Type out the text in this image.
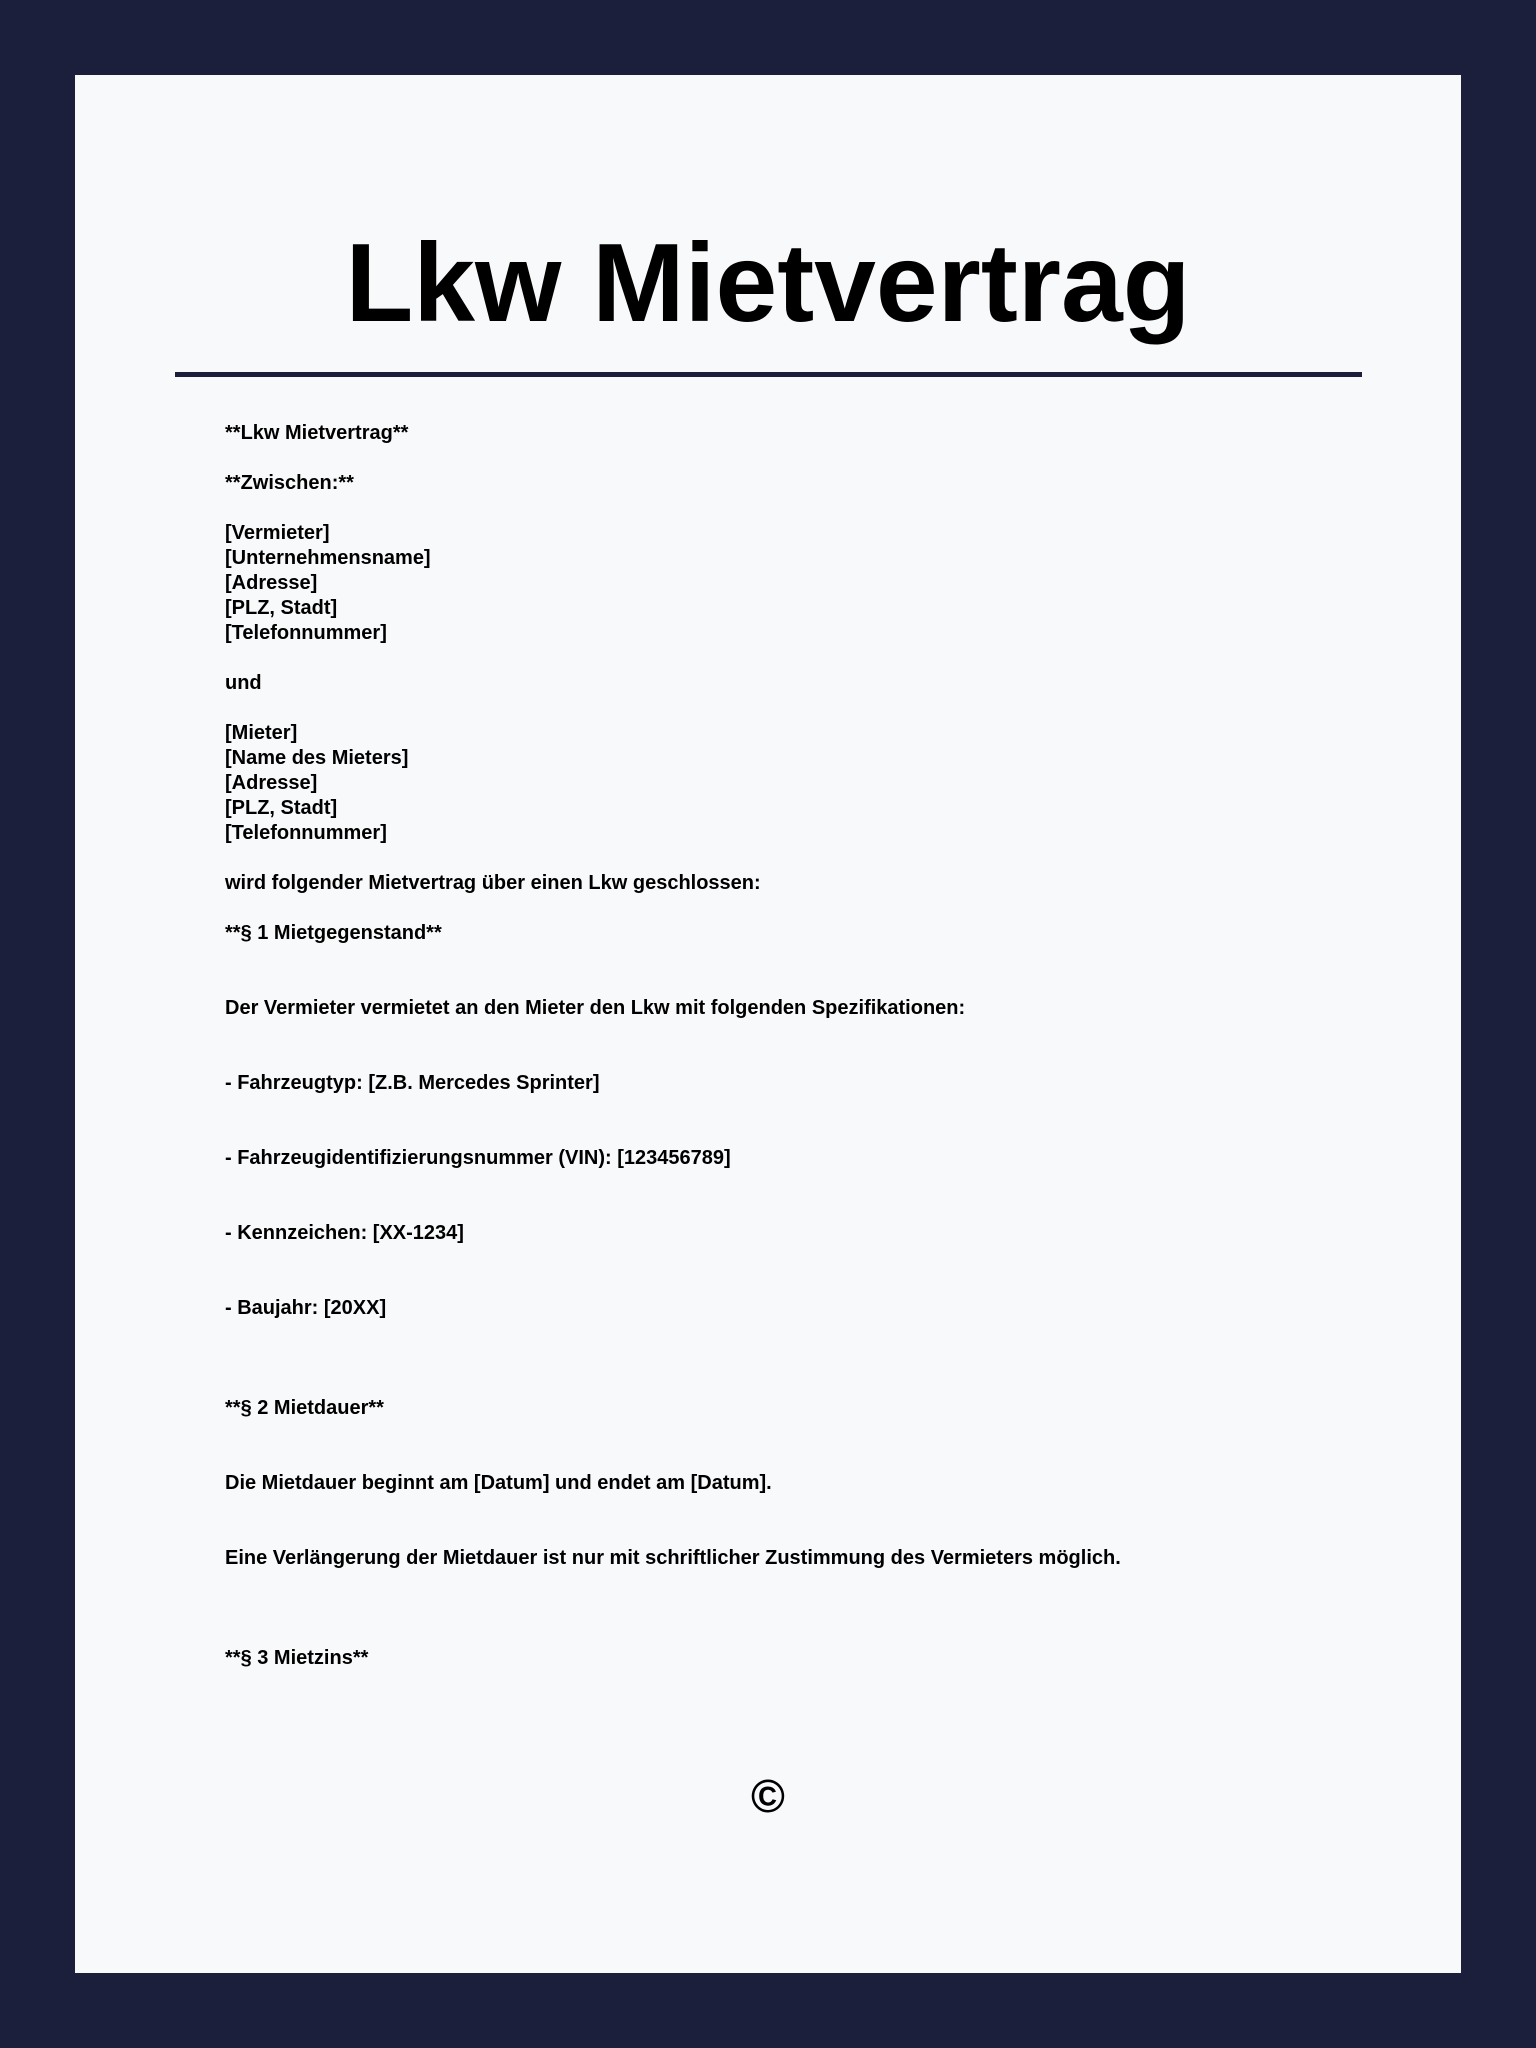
Lkw Mietvertrag
**Lkw Mietvertrag**
**Zwischen:**
[Vermieter]
[Unternehmensname]
[Adresse]
[PLZ, Stadt]
[Telefonnummer]
und
[Mieter]
[Name des Mieters]
[Adresse]
[PLZ, Stadt]
[Telefonnummer]
wird folgender Mietvertrag über einen Lkw geschlossen:
**§ 1 Mietgegenstand**
Der Vermieter vermietet an den Mieter den Lkw mit folgenden Spezifikationen:
- Fahrzeugtyp: [Z.B. Mercedes Sprinter]
- Fahrzeugidentifizierungsnummer (VIN): [123456789]
- Kennzeichen: [XX-1234]
- Baujahr: [20XX]
**§ 2 Mietdauer**
Die Mietdauer beginnt am [Datum] und endet am [Datum].
Eine Verlängerung der Mietdauer ist nur mit schriftlicher Zustimmung des Vermieters möglich.
**§ 3 Mietzins**
©
